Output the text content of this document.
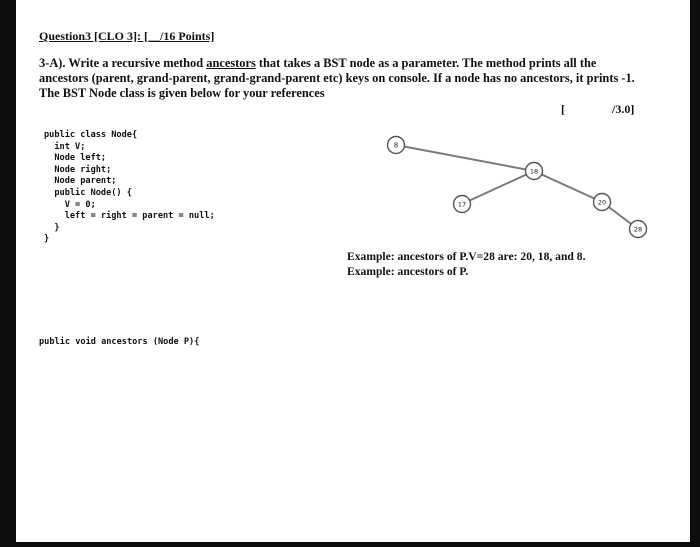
Question3 [CLO 3]: [__/16 Points]
3-A). Write a recursive method ancestors that takes a BST node as a parameter. The method prints all the ancestors (parent, grand-parent, grand-grand-parent etc) keys on console. If a node has no ancestors, it prints -1. The BST Node class is given below for your references
[	/3.0]
public class Node{
int V;
Node left;
Node right;
Node parent;
public Node() {
V = 0;
left = right = parent = null;
}
}
8
18
17	20
28
Example: ancestors of P.V=28 are: 20, 18, and 8.
Example: ancestors of P.
public void ancestors (Node P){
